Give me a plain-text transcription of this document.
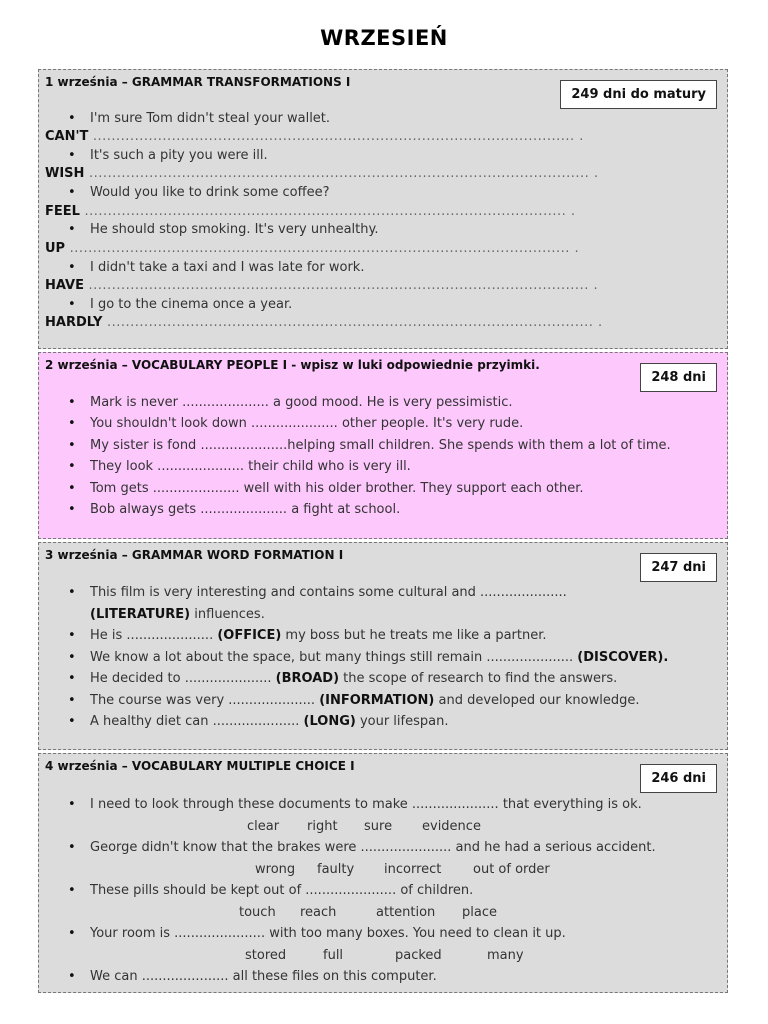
WRZESIEŃ
1 września – GRAMMAR TRANSFORMATIONS I
249 dni do matury
• I'm sure Tom didn't steal your wallet.
CAN'T ........................................................................................................ .
• It's such a pity you were ill.
WISH ............................................................................................................ .
• Would you like to drink some coffee?
FEEL ........................................................................................................ .
• He should stop smoking. It's very unhealthy.
UP ............................................................................................................ .
• I didn't take a taxi and I was late for work.
HAVE ............................................................................................................ .
• I go to the cinema once a year.
HARDLY ......................................................................................................... .
2 września – VOCABULARY PEOPLE I - wpisz w luki odpowiednie przyimki.
248 dni
• Mark is never ..................... a good mood. He is very pessimistic.
• You shouldn't look down ..................... other people. It's very rude.
• My sister is fond .....................helping small children. She spends with them a lot of time.
• They look ..................... their child who is very ill.
• Tom gets ..................... well with his older brother. They support each other.
• Bob always gets ..................... a fight at school.
3 września – GRAMMAR WORD FORMATION I
247 dni
• This film is very interesting and contains some cultural and ..................... (LITERATURE) influences.
• He is ..................... (OFFICE) my boss but he treats me like a partner.
• We know a lot about the space, but many things still remain ..................... (DISCOVER).
• He decided to ..................... (BROAD) the scope of research to find the answers.
• The course was very ..................... (INFORMATION) and developed our knowledge.
• A healthy diet can ..................... (LONG) your lifespan.
4 września – VOCABULARY MULTIPLE CHOICE I
246 dni
• I need to look through these documents to make ..................... that everything is ok.
clear right sure evidence
• George didn't know that the brakes were ...................... and he had a serious accident.
wrong faulty incorrect out of order
• These pills should be kept out of ...................... of children.
touch reach	attention place
• Your room is ...................... with too many boxes. You need to clean it up.
stored	full	packed	many
• We can ..................... all these files on this computer.
